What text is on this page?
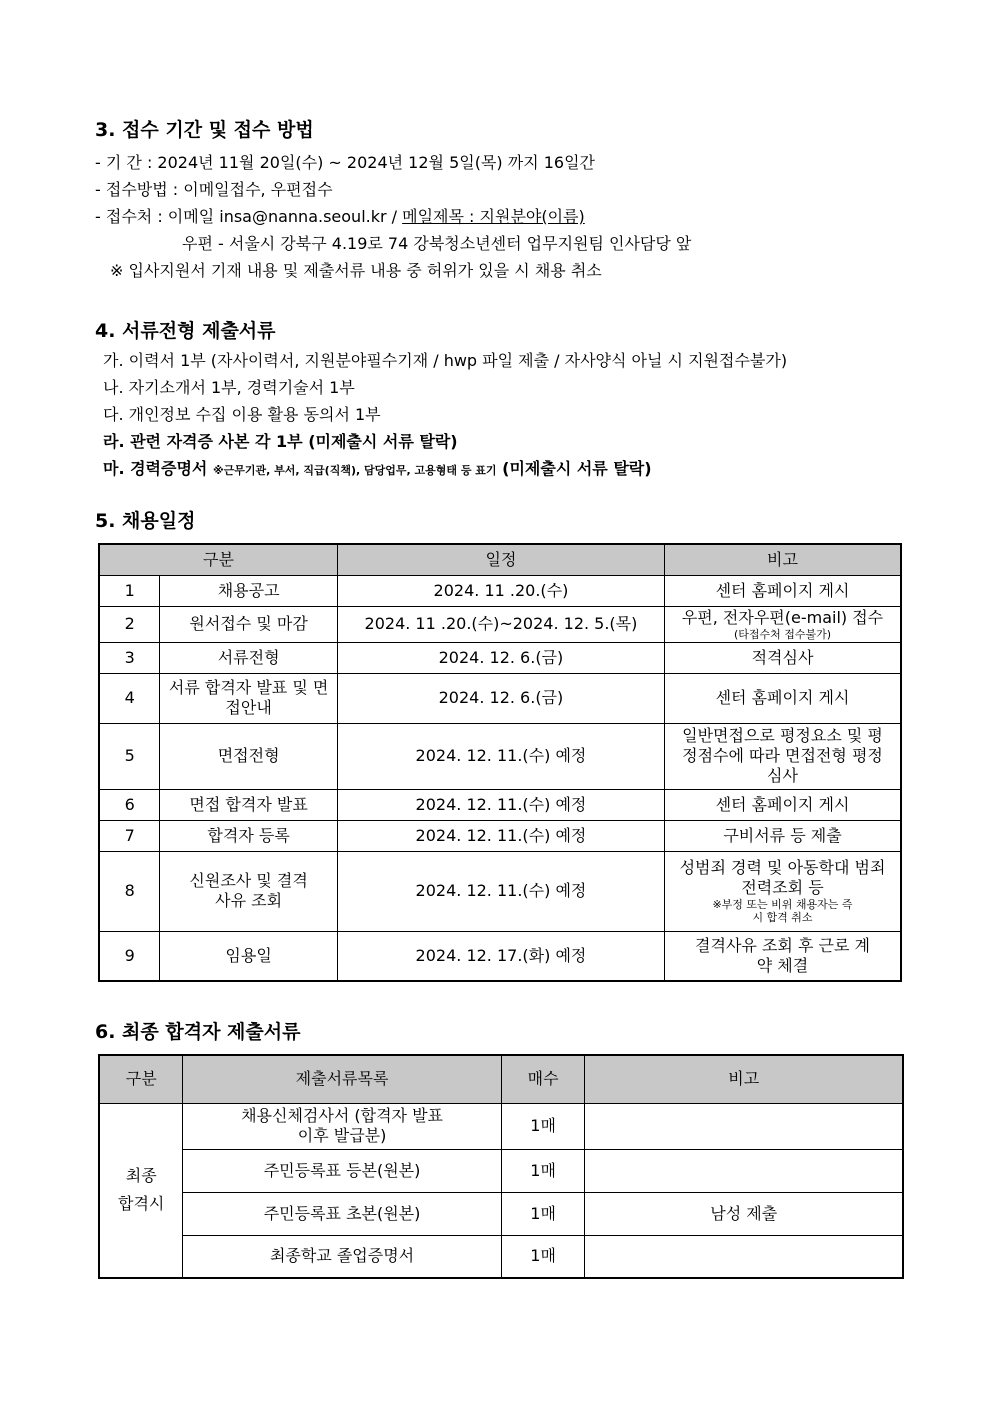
3. 접수 기간 및 접수 방법
- 기 간 : 2024년 11월 20일(수) ~ 2024년 12월 5일(목) 까지 16일간
- 접수방법 : 이메일접수, 우편접수
- 접수처 : 이메일 insa@nanna.seoul.kr / 메일제목 : 지원분야(이름)
우편 - 서울시 강북구 4.19로 74 강북청소년센터 업무지원팀 인사담당 앞
※ 입사지원서 기재 내용 및 제출서류 내용 중 허위가 있을 시 채용 취소
4. 서류전형 제출서류
가. 이력서 1부 (자사이력서, 지원분야필수기재 / hwp 파일 제출 / 자사양식 아닐 시 지원접수불가)
나. 자기소개서 1부, 경력기술서 1부
다. 개인정보 수집 이용 활용 동의서 1부
라. 관련 자격증 사본 각 1부 (미제출시 서류 탈락)
마. 경력증명서 ※근무기관, 부서, 직급(직책), 담당업무, 고용형태 등 표기 (미제출시 서류 탈락)
5. 채용일정
구분		일정	비고
1	채용공고	2024. 11 .20.(수)	센터 홈페이지 게시
2	원서접수 및 마감	2024. 11 .20.(수)~2024. 12. 5.(목)	우편, 전자우편(e-mail) 접수
(타접수처 접수불가)

3	서류전형	2024. 12. 6.(금)	적격심사
4	서류 합격자 발표 및 면접안내	2024. 12. 6.(금)	센터 홈페이지 게시
5	면접전형	2024. 12. 11.(수) 예정	일반면접으로 평정요소 및 평정점수에 따라 면접전형 평정 심사
6	면접 합격자 발표	2024. 12. 11.(수) 예정	센터 홈페이지 게시
7	합격자 등록	2024. 12. 11.(수) 예정	구비서류 등 제출
8	신원조사 및 결격사유 조회	2024. 12. 11.(수) 예정	성범죄 경력 및 아동학대 범죄 전력조회 등
※부정 또는 비위 채용자는 즉시 합격 취소

9	임용일	2024. 12. 17.(화) 예정	결격사유 조회 후 근로 계약 체결
6. 최종 합격자 제출서류
구분	제출서류목록	매수	비고
최종 합격시	채용신체검사서 (합격자 발표 이후 발급분)	1매	
	주민등록표 등본(원본)	1매	
	주민등록표 초본(원본)	1매	남성 제출
	최종학교 졸업증명서	1매	
